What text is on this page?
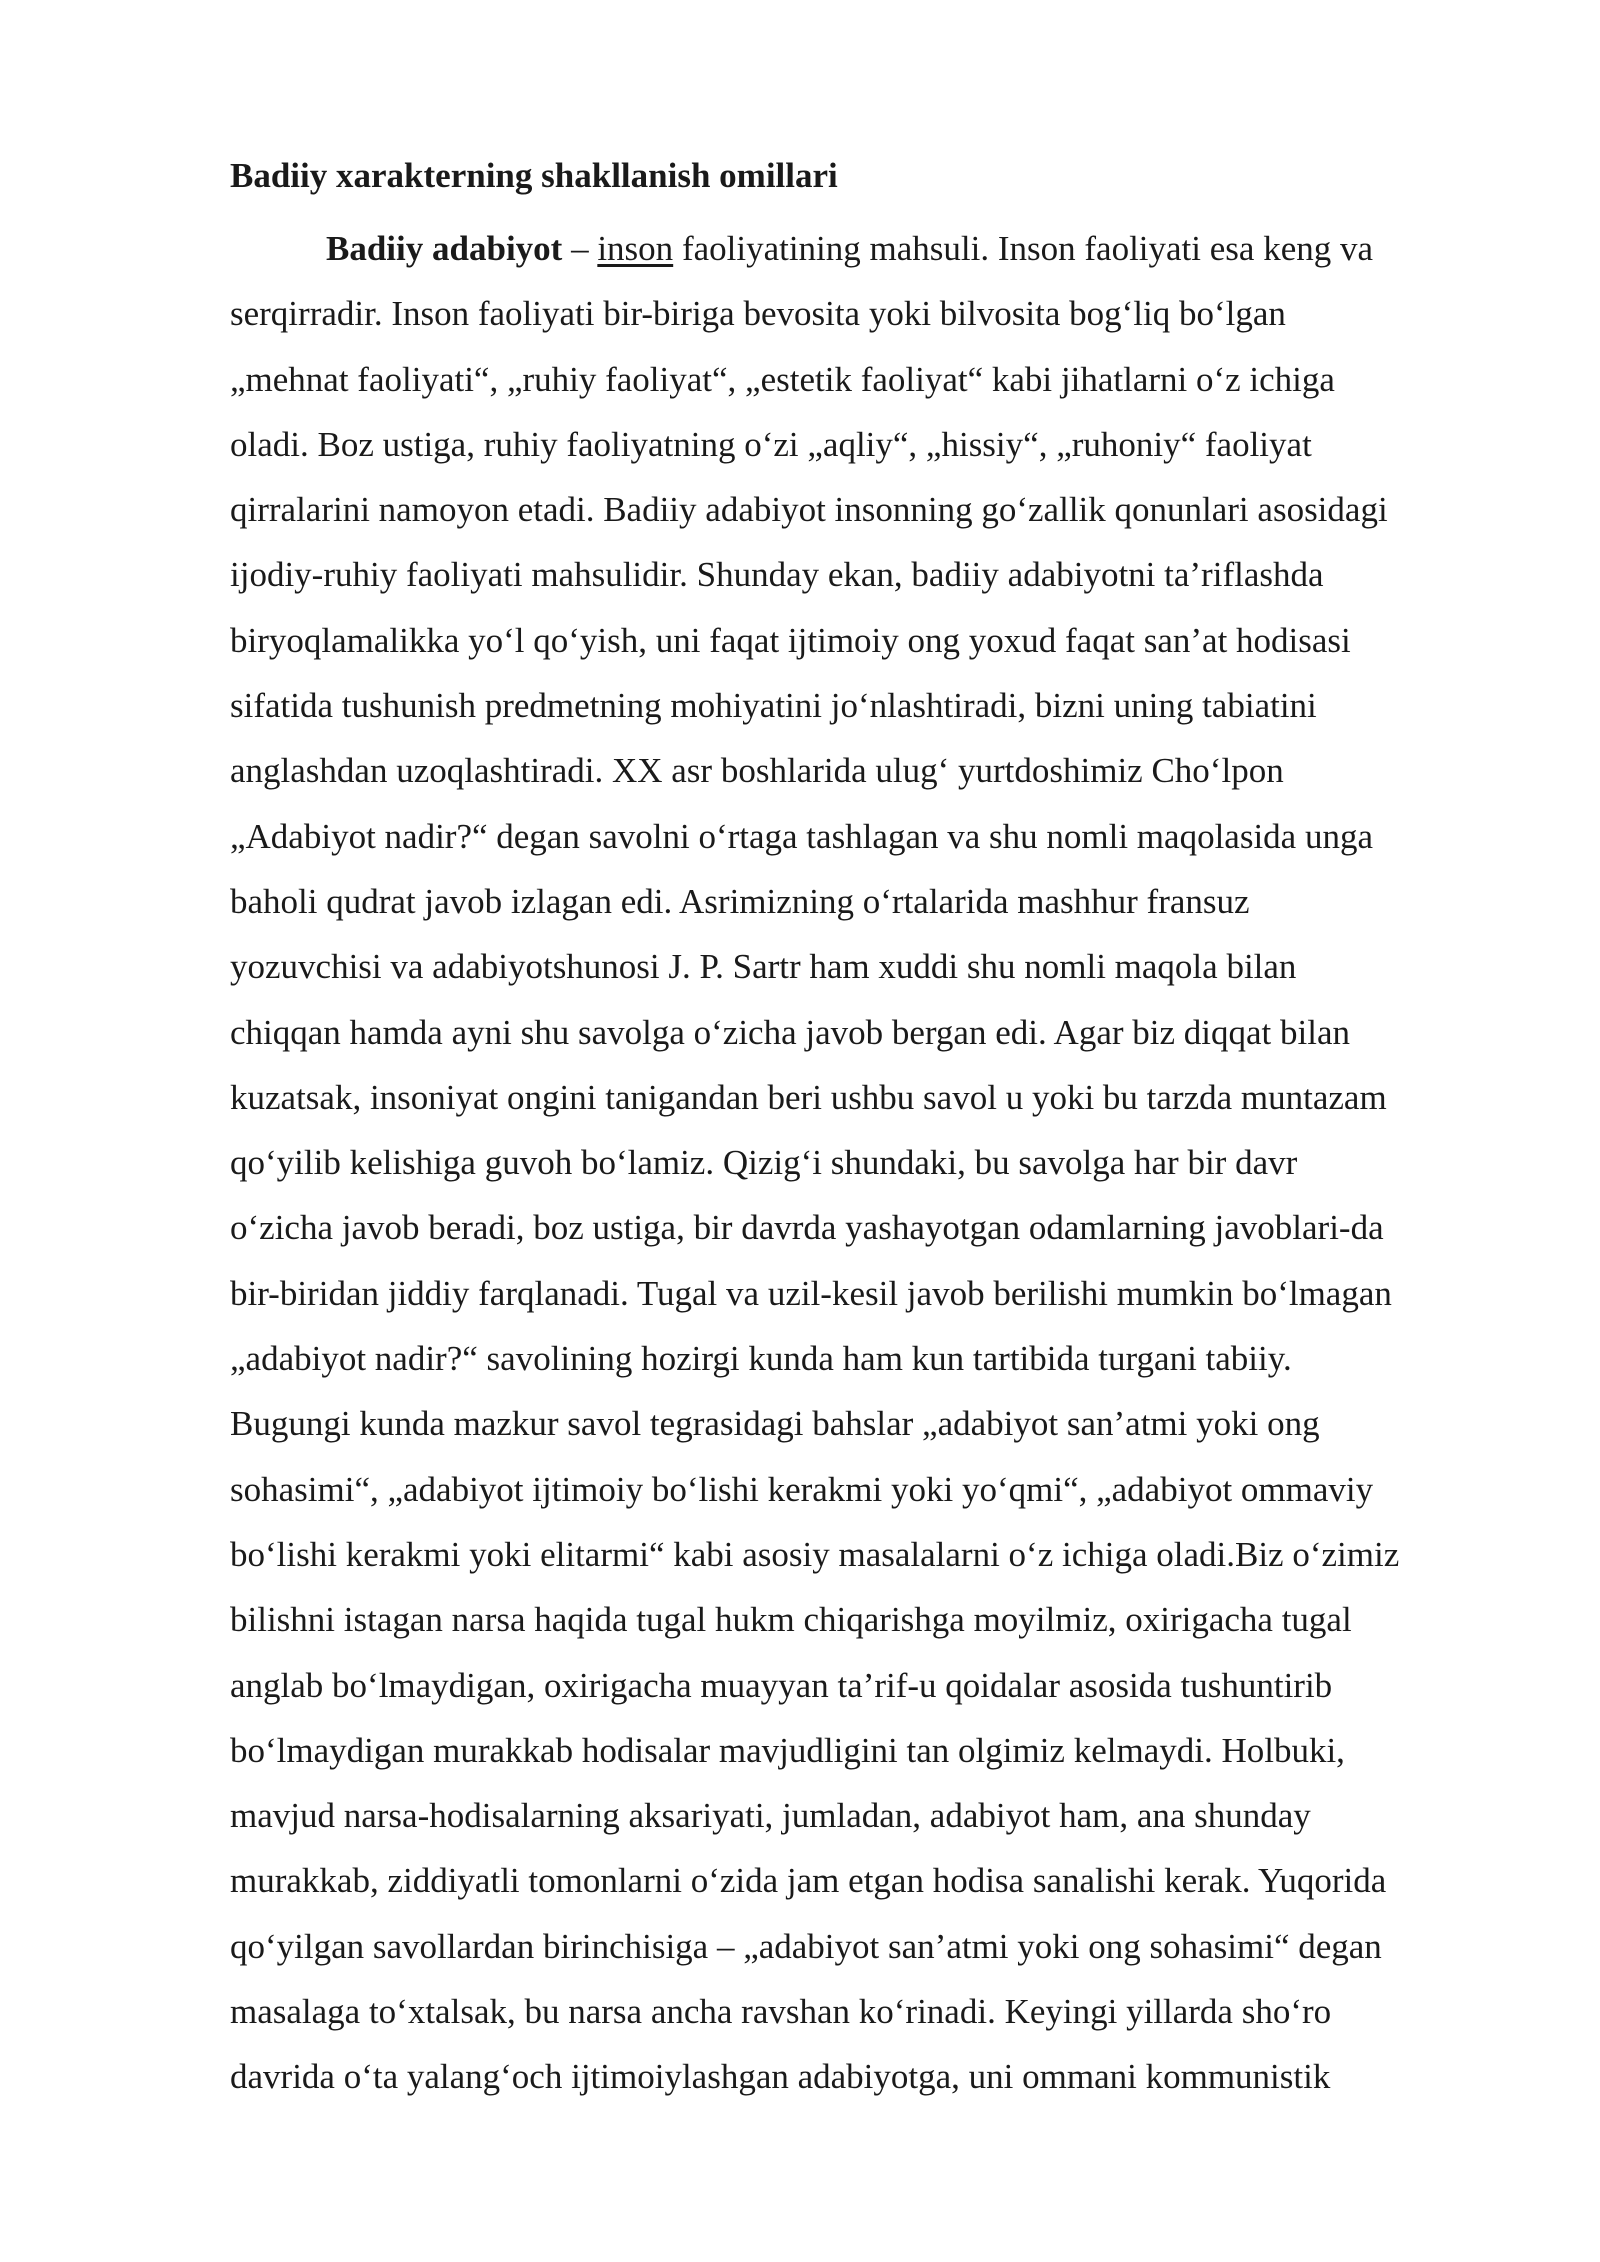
Badiiy xarakterning shakllanish omillari
Badiiy adabiyot – inson faoliyatining mahsuli. Inson faoliyati esa keng va
serqirradir. Inson faoliyati bir-biriga bevosita yoki bilvosita bog‘liq bo‘lgan
„mehnat faoliyati“, „ruhiy faoliyat“, „estetik faoliyat“ kabi jihatlarni o‘z ichiga
oladi. Boz ustiga, ruhiy faoliyatning o‘zi „aqliy“, „hissiy“, „ruhoniy“ faoliyat
qirralarini namoyon etadi. Badiiy adabiyot insonning go‘zallik qonunlari asosidagi
ijodiy-ruhiy faoliyati mahsulidir. Shunday ekan, badiiy adabiyotni ta’riflashda
biryoqlamalikka yo‘l qo‘yish, uni faqat ijtimoiy ong yoxud faqat san’at hodisasi
sifatida tushunish predmetning mohiyatini jo‘nlashtiradi, bizni uning tabiatini
anglashdan uzoqlashtiradi. XX asr boshlarida ulug‘ yurtdoshimiz Cho‘lpon
„Adabiyot nadir?“ degan savolni o‘rtaga tashlagan va shu nomli maqolasida unga
baholi qudrat javob izlagan edi. Asrimizning o‘rtalarida mashhur fransuz
yozuvchisi va adabiyotshunosi J. P. Sartr ham xuddi shu nomli maqola bilan
chiqqan hamda ayni shu savolga o‘zicha javob bergan edi. Agar biz diqqat bilan
kuzatsak, insoniyat ongini tanigandan beri ushbu savol u yoki bu tarzda muntazam
qo‘yilib kelishiga guvoh bo‘lamiz. Qizig‘i shundaki, bu savolga har bir davr
o‘zicha javob beradi, boz ustiga, bir davrda yashayotgan odamlarning javoblari-da
bir-biridan jiddiy farqlanadi. Tugal va uzil-kesil javob berilishi mumkin bo‘lmagan
„adabiyot nadir?“ savolining hozirgi kunda ham kun tartibida turgani tabiiy.
Bugungi kunda mazkur savol tegrasidagi bahslar „adabiyot san’atmi yoki ong
sohasimi“, „adabiyot ijtimoiy bo‘lishi kerakmi yoki yo‘qmi“, „adabiyot ommaviy
bo‘lishi kerakmi yoki elitarmi“ kabi asosiy masalalarni o‘z ichiga oladi.Biz o‘zimiz
bilishni istagan narsa haqida tugal hukm chiqarishga moyilmiz, oxirigacha tugal
anglab bo‘lmaydigan, oxirigacha muayyan ta’rif-u qoidalar asosida tushuntirib
bo‘lmaydigan murakkab hodisalar mavjudligini tan olgimiz kelmaydi. Holbuki,
mavjud narsa-hodisalarning aksariyati, jumladan, adabiyot ham, ana shunday
murakkab, ziddiyatli tomonlarni o‘zida jam etgan hodisa sanalishi kerak. Yuqorida
qo‘yilgan savollardan birinchisiga – „adabiyot san’atmi yoki ong sohasimi“ degan
masalaga to‘xtalsak, bu narsa ancha ravshan ko‘rinadi. Keyingi yillarda sho‘ro
davrida o‘ta yalang‘och ijtimoiylashgan adabiyotga, uni ommani kommunistik
